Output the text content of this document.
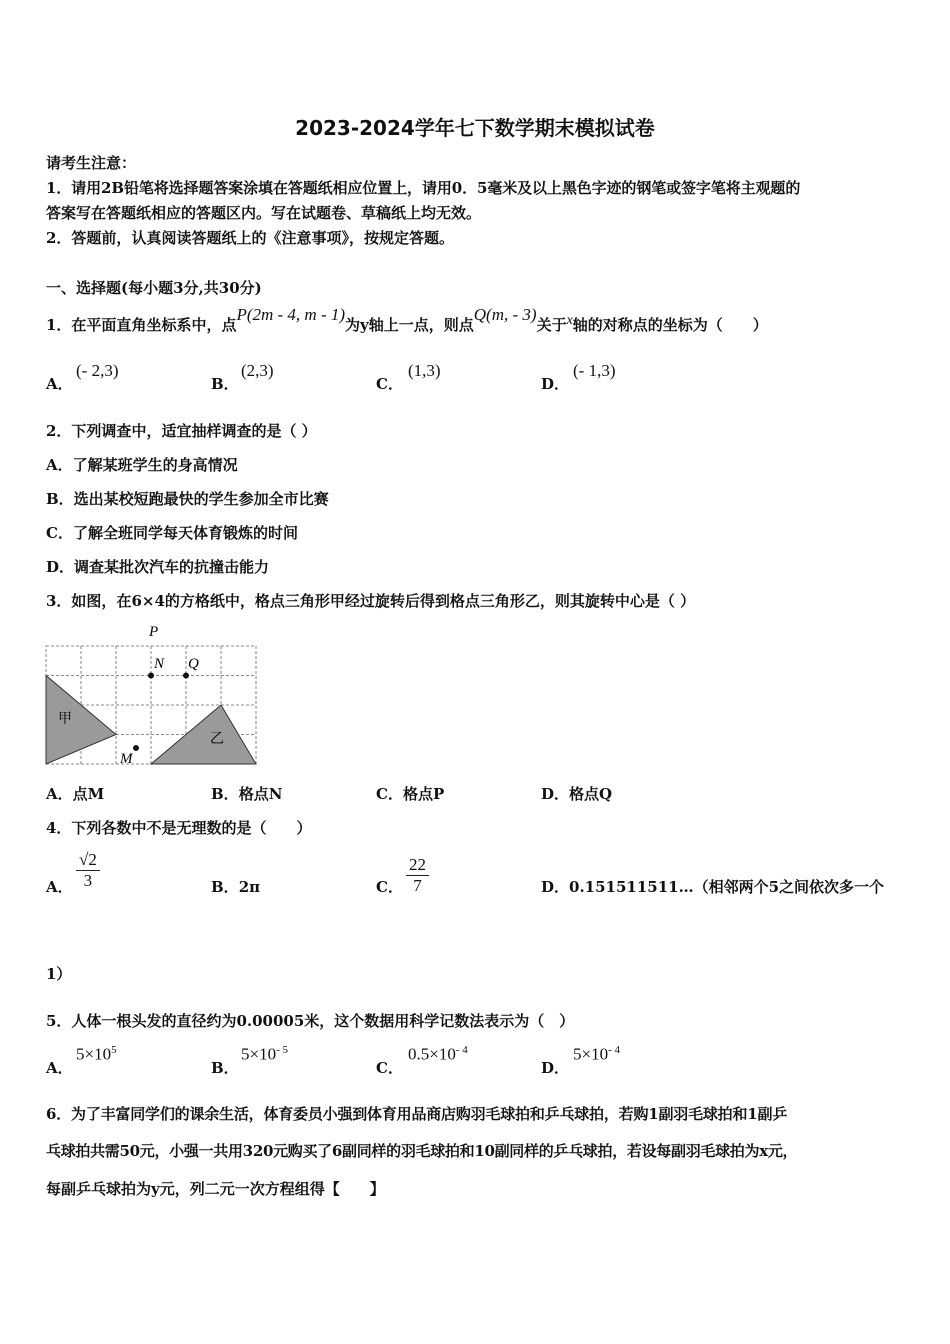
2023-2024学年七下数学期末模拟试卷
请考生注意：
1．请用2B铅笔将选择题答案涂填在答题纸相应位置上，请用0．5毫米及以上黑色字迹的钢笔或签字笔将主观题的
答案写在答题纸相应的答题区内。写在试题卷、草稿纸上均无效。
2．答题前，认真阅读答题纸上的《注意事项》，按规定答题。
一、选择题(每小题3分,共30分)
1．在平面直角坐标系中，点P(2m - 4, m - 1)为y轴上一点，则点Q(m, - 3)关于x轴的对称点的坐标为（　　）
A．
(- 2,3)
B．
(2,3)
C．
(1,3)
D．
(- 1,3)
2．下列调查中，适宜抽样调查的是（ ）
A．了解某班学生的身高情况
B．选出某校短跑最快的学生参加全市比赛
C．了解全班同学每天体育锻炼的时间
D．调查某批次汽车的抗撞击能力
3．如图，在6×4的方格纸中，格点三角形甲经过旋转后得到格点三角形乙，则其旋转中心是（ ）
P
N Q
M
甲
乙
A．点M	B．格点N	C．格点P	D．格点Q
4．下列各数中不是无理数的是（　　）
A． $\frac{√2}{3}$	B．2π	C． $\frac{22}{7}$	D．0.151511511…（相邻两个5之间依次多一个
1）
5．人体一根头发的直径约为0.00005米，这个数据用科学记数法表示为（　）
A．
$5\times 10^5$
B．
$5\times 10^{- 5}$
C．
$0.5\times 10^{- 4}$
D．
$5\times 10^{- 4}$
6．为了丰富同学们的课余生活，体育委员小强到体育用品商店购羽毛球拍和乒乓球拍，若购1副羽毛球拍和1副乒
乓球拍共需50元，小强一共用320元购买了6副同样的羽毛球拍和10副同样的乒乓球拍，若设每副羽毛球拍为x元，
每副乒乓球拍为y元，列二元一次方程组得【　　】
